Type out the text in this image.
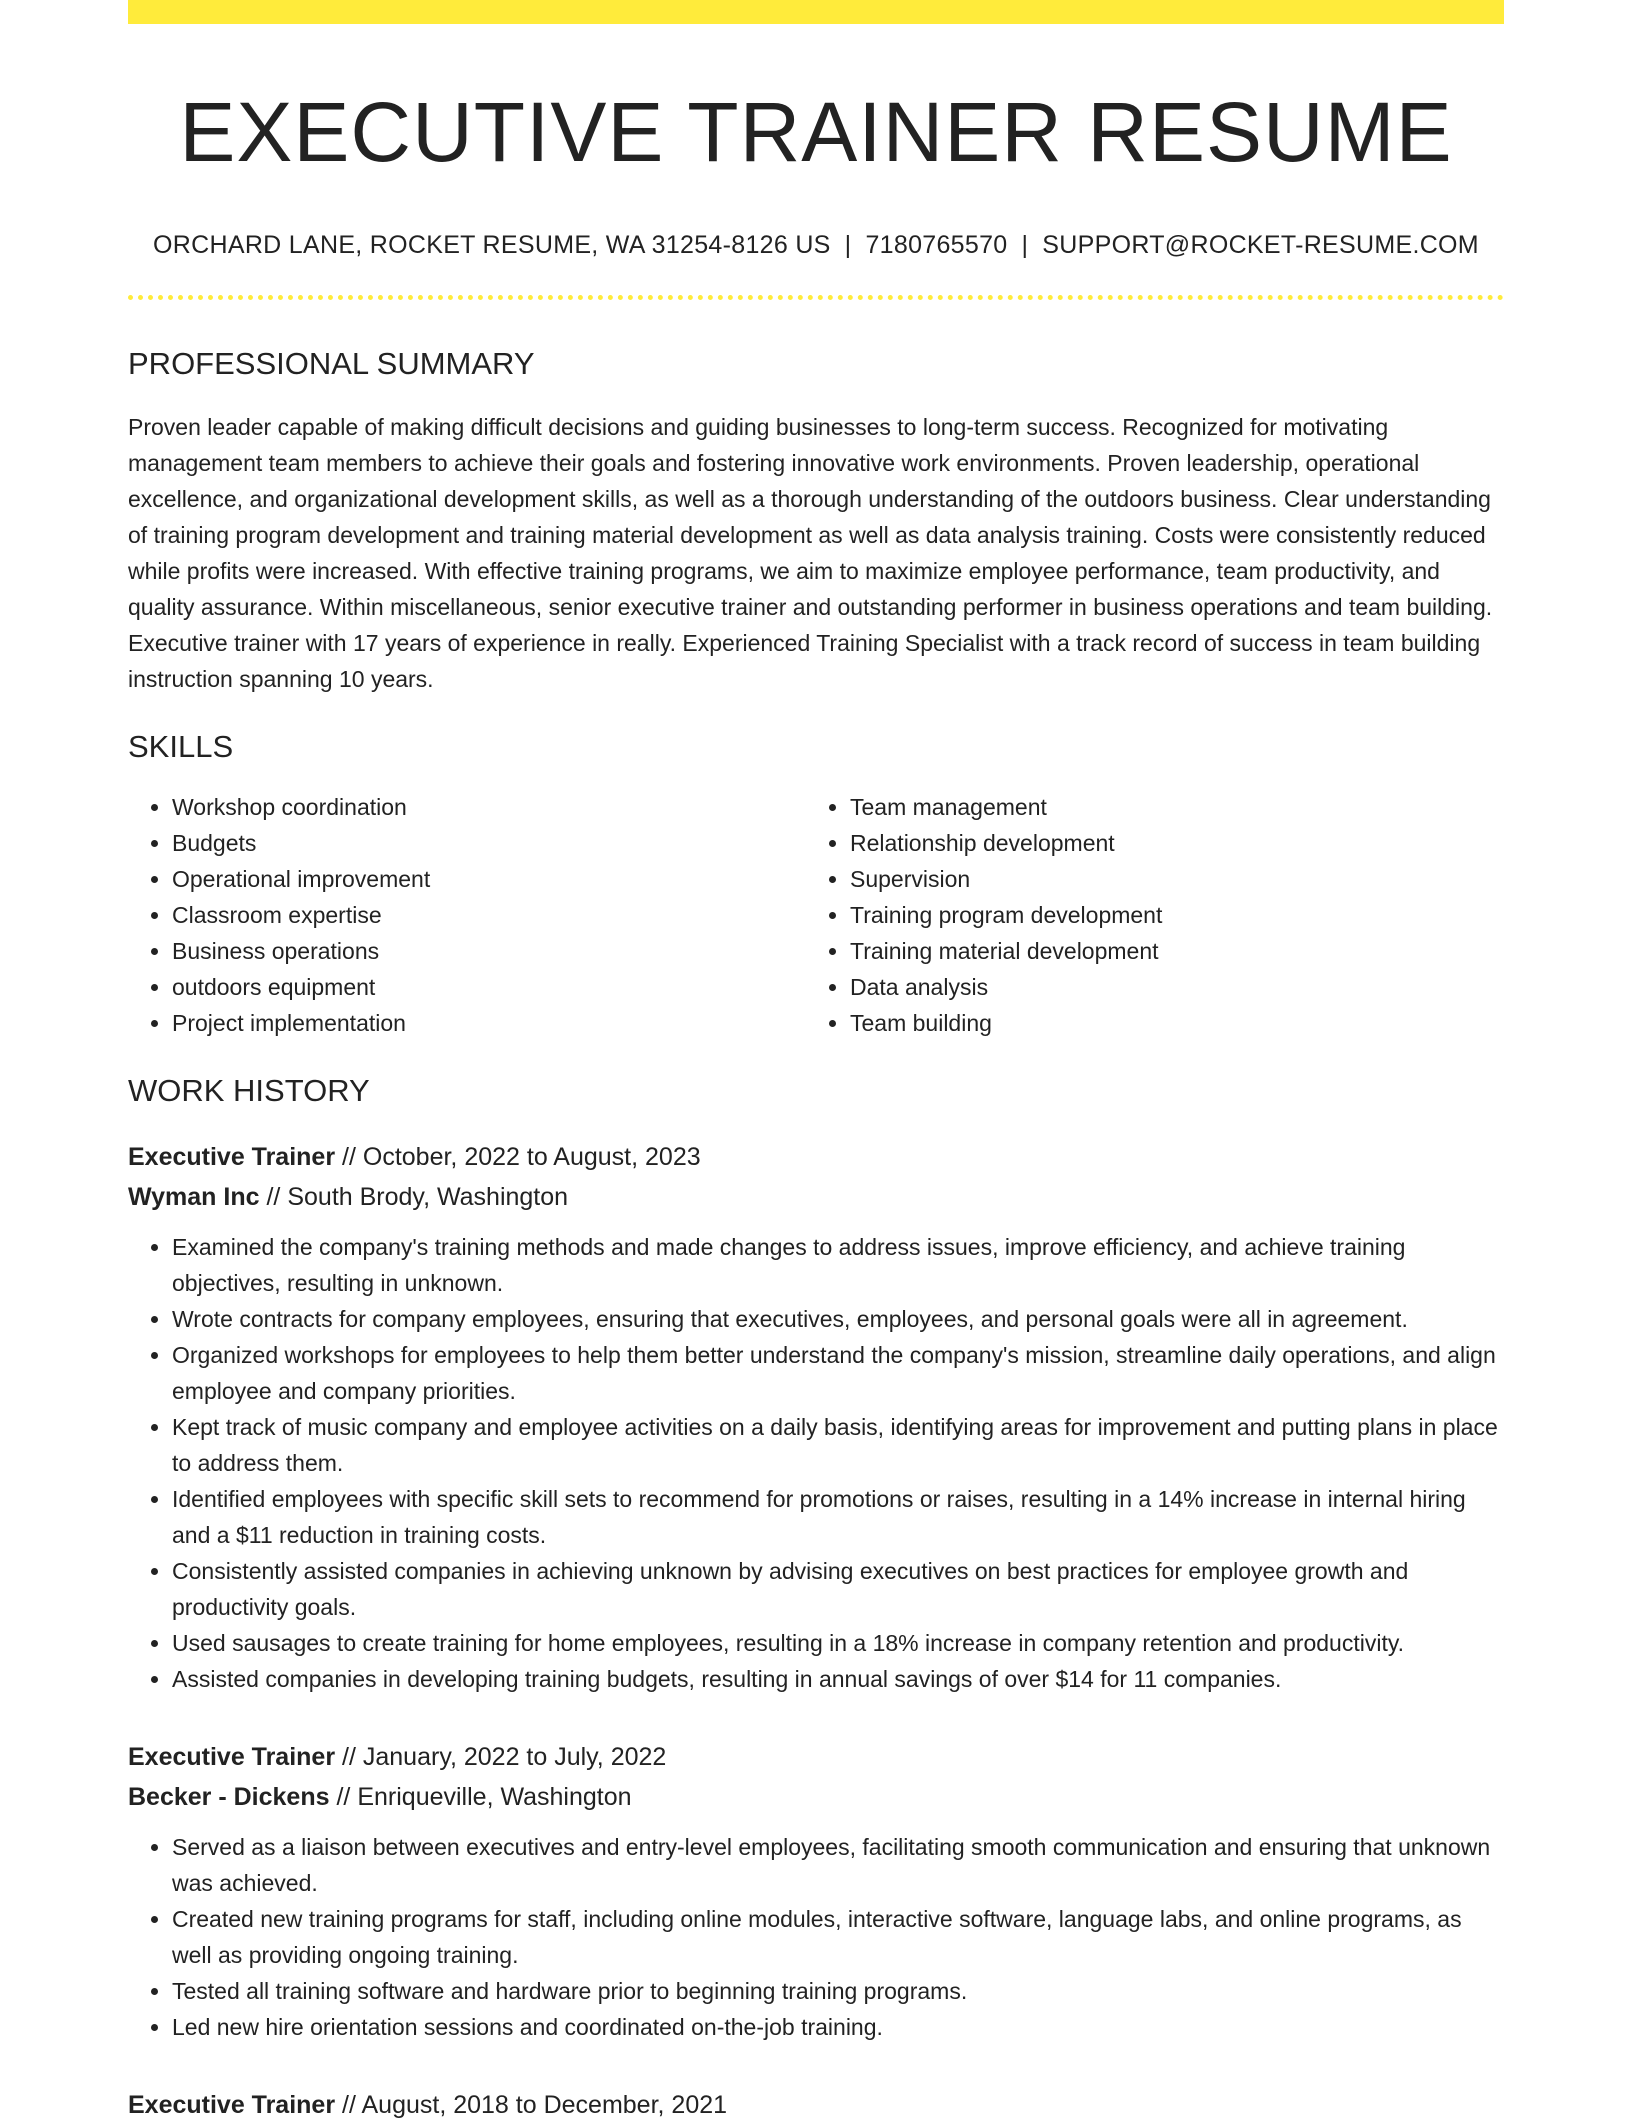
EXECUTIVE TRAINER RESUME
ORCHARD LANE, ROCKET RESUME, WA 31254-8126 US | 7180765570 | SUPPORT@ROCKET-RESUME.COM
PROFESSIONAL SUMMARY

Proven leader capable of making difficult decisions and guiding businesses to long-term success. Recognized for motivating management team members to achieve their goals and fostering innovative work environments. Proven leadership, operational excellence, and organizational development skills, as well as a thorough understanding of the outdoors business. Clear understanding of training program development and training material development as well as data analysis training. Costs were consistently reduced while profits were increased. With effective training programs, we aim to maximize employee performance, team productivity, and quality assurance. Within miscellaneous, senior executive trainer and outstanding performer in business operations and team building. Executive trainer with 17 years of experience in really. Experienced Training Specialist with a track record of success in team building instruction spanning 10 years.

SKILLS
• Workshop coordination
• Budgets
• Operational improvement
• Classroom expertise
• Business operations
• outdoors equipment
• Project implementation
• Team management
• Relationship development
• Supervision
• Training program development
• Training material development
• Data analysis
• Team building
WORK HISTORY
Executive Trainer // October, 2022 to August, 2023
Wyman Inc // South Brody, Washington
• Examined the company's training methods and made changes to address issues, improve efficiency, and achieve training objectives, resulting in unknown.
• Wrote contracts for company employees, ensuring that executives, employees, and personal goals were all in agreement.
• Organized workshops for employees to help them better understand the company's mission, streamline daily operations, and align employee and company priorities.
• Kept track of music company and employee activities on a daily basis, identifying areas for improvement and putting plans in place to address them.
• Identified employees with specific skill sets to recommend for promotions or raises, resulting in a 14% increase in internal hiring and a $11 reduction in training costs.
• Consistently assisted companies in achieving unknown by advising executives on best practices for employee growth and productivity goals.
• Used sausages to create training for home employees, resulting in a 18% increase in company retention and productivity.
• Assisted companies in developing training budgets, resulting in annual savings of over $14 for 11 companies.
Executive Trainer // January, 2022 to July, 2022
Becker - Dickens // Enriqueville, Washington
• Served as a liaison between executives and entry-level employees, facilitating smooth communication and ensuring that unknown was achieved.
• Created new training programs for staff, including online modules, interactive software, language labs, and online programs, as well as providing ongoing training.
• Tested all training software and hardware prior to beginning training programs.
• Led new hire orientation sessions and coordinated on-the-job training.
Executive Trainer // August, 2018 to December, 2021
